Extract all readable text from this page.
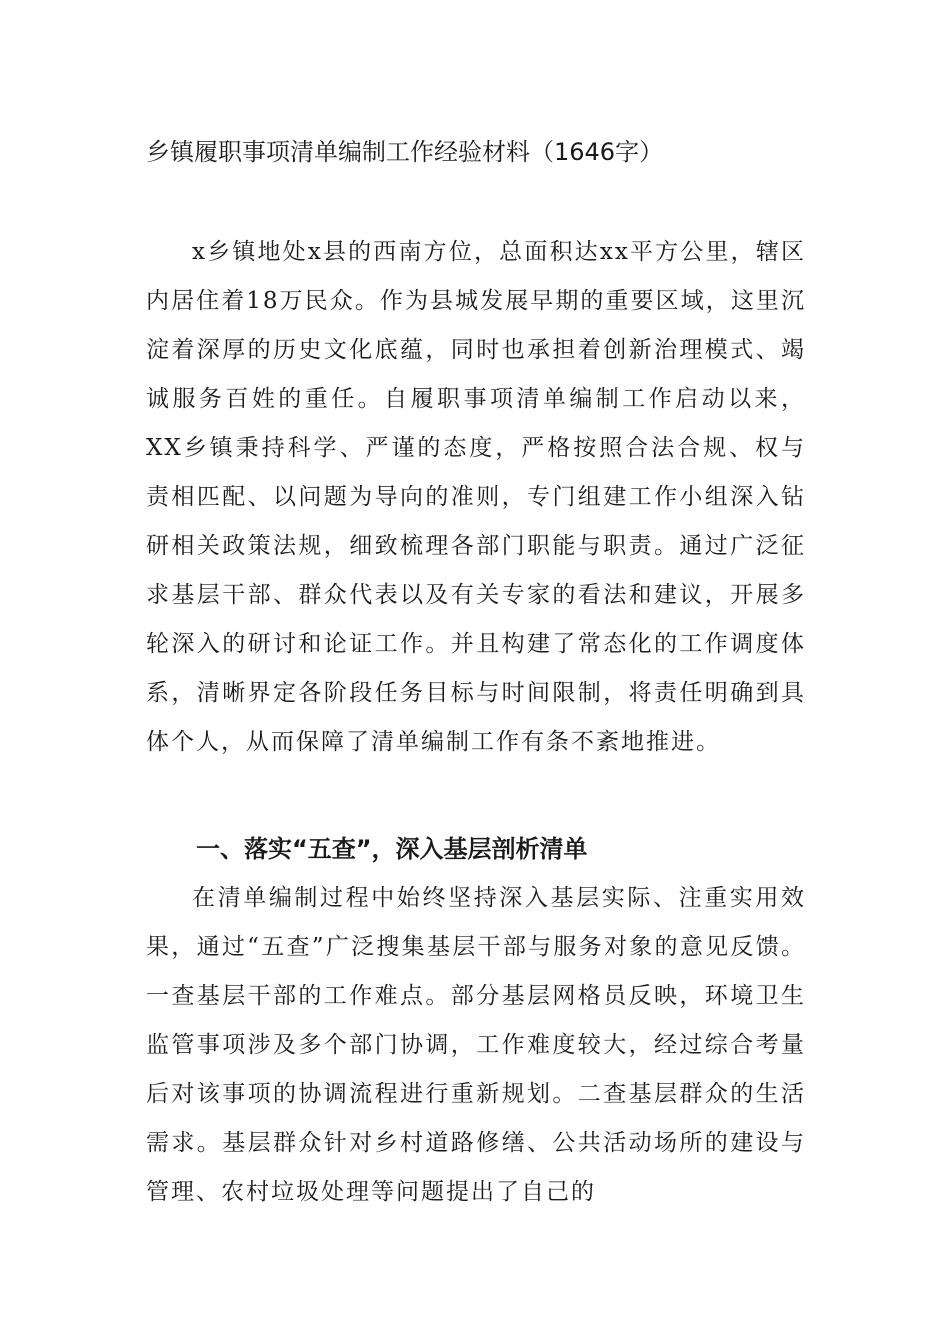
乡镇履职事项清单编制工作经验材料（1646字）
x乡镇地处x县的西南方位，总面积达xx平方公里，辖区内居住着18万民众。作为县城发展早期的重要区域，这里沉淀着深厚的历史文化底蕴，同时也承担着创新治理模式、竭诚服务百姓的重任。自履职事项清单编制工作启动以来，XX乡镇秉持科学、严谨的态度，严格按照合法合规、权与责相匹配、以问题为导向的准则，专门组建工作小组深入钻研相关政策法规，细致梳理各部门职能与职责。通过广泛征求基层干部、群众代表以及有关专家的看法和建议，开展多轮深入的研讨和论证工作。并且构建了常态化的工作调度体系，清晰界定各阶段任务目标与时间限制，将责任明确到具体个人，从而保障了清单编制工作有条不紊地推进。
一、落实“五查”，深入基层剖析清单
在清单编制过程中始终坚持深入基层实际、注重实用效果，通过“五查”广泛搜集基层干部与服务对象的意见反馈。一查基层干部的工作难点。部分基层网格员反映，环境卫生监管事项涉及多个部门协调，工作难度较大，经过综合考量后对该事项的协调流程进行重新规划。二查基层群众的生活需求。基层群众针对乡村道路修缮、公共活动场所的建设与管理、农村垃圾处理等问题提出了自己的
